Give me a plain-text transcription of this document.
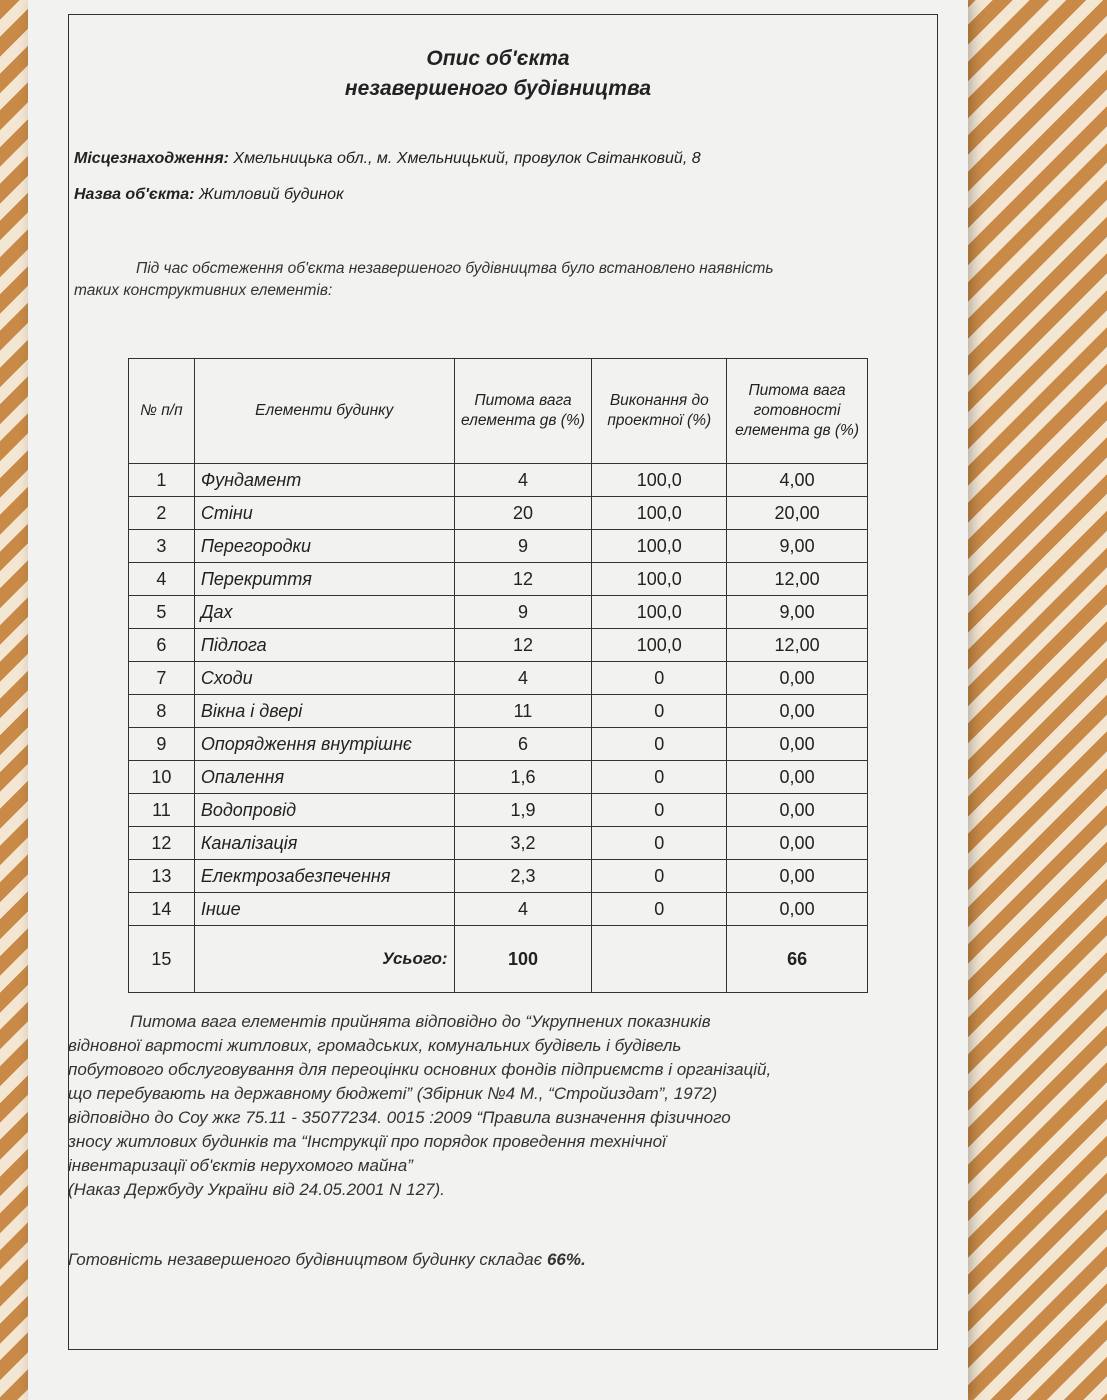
Опис об'єкта
незавершеного будівництва
Місцезнаходження: Хмельницька обл., м. Хмельницький, провулок Світанковий, 8
Назва об'єкта: Житловий будинок
Під час обстеження об'єкта незавершеного будівництва було встановлено наявність
таких конструктивних елементів:
№ п/п	Елементи будинку	Питома вага елемента gв (%)	Виконання до проектної (%)	Питома вага готовності елемента gв (%)
1	Фундамент	4	100,0	4,00
2	Стіни	20	100,0	20,00
3	Перегородки	9	100,0	9,00
4	Перекриття	12	100,0	12,00
5	Дах	9	100,0	9,00
6	Підлога	12	100,0	12,00
7	Сходи	4	0	0,00
8	Вікна і двері	11	0	0,00
9	Опорядження внутрішнє	6	0	0,00
10	Опалення	1,6	0	0,00
11	Водопровід	1,9	0	0,00
12	Каналізація	3,2	0	0,00
13	Електрозабезпечення	2,3	0	0,00
14	Інше	4	0	0,00
15	Усього:	100		66
Питома вага елементів прийнята відповідно до “Укрупнених показників
відновної вартості житлових, громадських, комунальних будівель і будівель
побутового обслуговування для переоцінки основних фондів підприємств і організацій,
що перебувають на державному бюджеті” (Збірник №4 М., “Стройиздат”, 1972)
відповідно до Соу жкг 75.11 - 35077234. 0015 :2009 “Правила визначення фізичного
зносу житлових будинків та “Інструкції про порядок проведення технічної
інвентаризації об'єктів нерухомого майна”
(Наказ Держбуду України від 24.05.2001 N 127).
Готовність незавершеного будівництвом будинку складає 66%.
